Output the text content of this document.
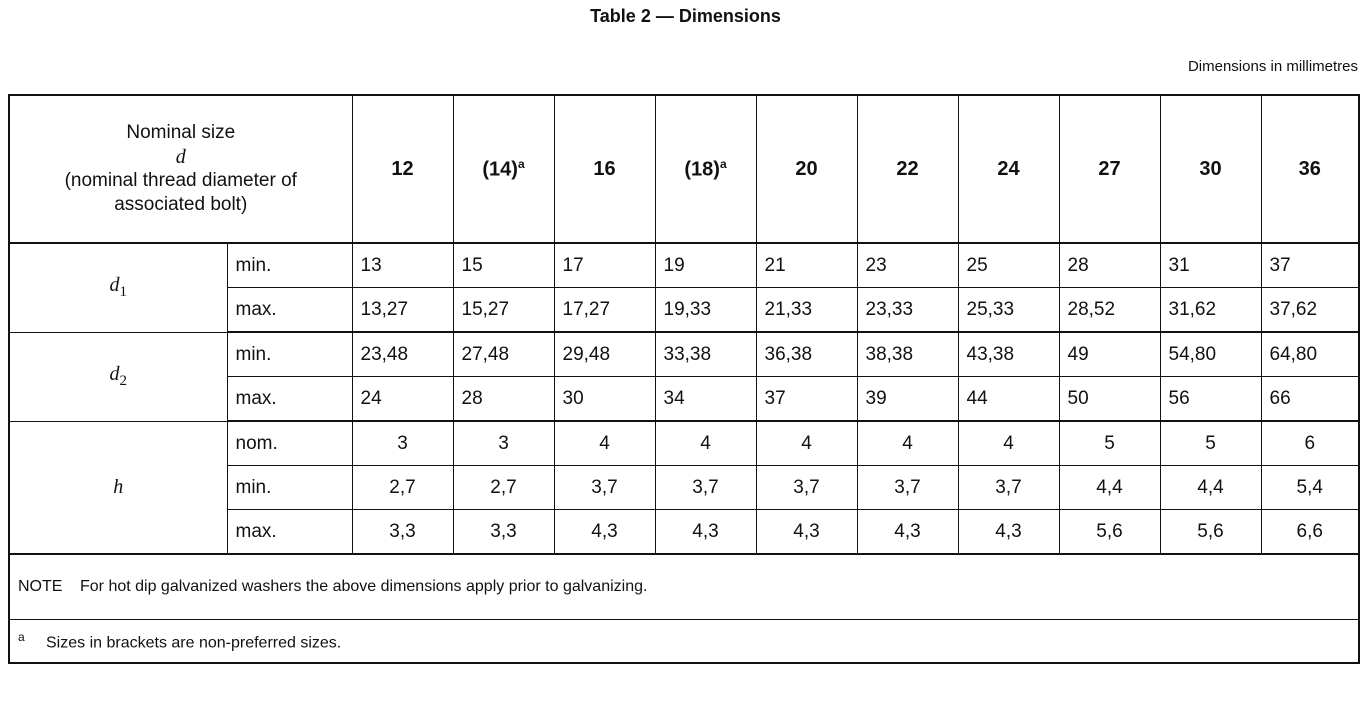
Table 2 — Dimensions
Dimensions in millimetres
Nominal size
d
(nominal thread diameter of associated bolt)		12	$(14)^a$	16	$(18)^a$	20	22	24	27	30	36
$d_1$	min.	13	15	17	19	21	23	25	28	31	37
	max.	13,27	15,27	17,27	19,33	21,33	23,33	25,33	28,52	31,62	37,62
$d_2$	min.	23,48	27,48	29,48	33,38	36,38	38,38	43,38	49	54,80	64,80
	max.	24	28	30	34	37	39	44	50	56	66
h	nom.	3	3	4	4	4	4	4	5	5	6
	min.	2,7	2,7	3,7	3,7	3,7	3,7	3,7	4,4	4,4	5,4
	max.	3,3	3,3	4,3	4,3	4,3	4,3	4,3	5,6	5,6	6,6
NOTE For hot dip galvanized washers the above dimensions apply prior to galvanizing.											
a Sizes in brackets are non-preferred sizes.											
